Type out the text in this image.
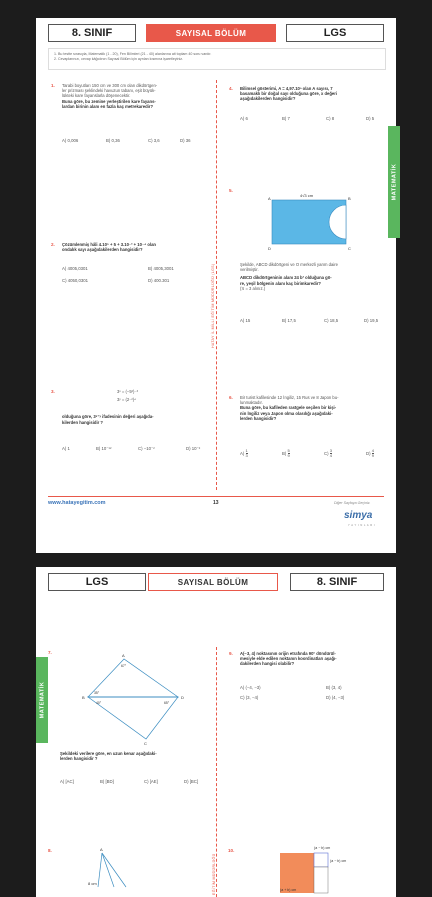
8. SINIF	SAYISAL BÖLÜM	LGS
1. Bu testte sırasıyla, Matematik (1 - 20), Fen Bilimleri (21 - 40) alanlarına ait toplam 40 soru vardır.
2. Cevaplarınızı, cevap kâğıdının Sayısal Bölüm için ayrılan kısmına işaretleyiniz.
HATAY İL MİLLİ EĞİTİM MÜDÜRLÜĞÜ (LGS)
MATEMATİK
1. Tarabi boyutları 150 cm ve 300 cm olan dikdörtgen-
ler prizması şeklindeki havuzun tabanı, eşit büyük-
lükteki kare fayanslarla döşenecektir.
Buna göre, bu zemine yerleştirilen kare fayans-
lardan birinin alanı en fazla kaç metrekaredir?
A) 0,006	B) 0,36	C) 3,6	D) 36
2. Çözümlenmiş hâli 4.10⁵ + 5 + 3.10⁻² + 10⁻⁴ olan
ondalık sayı aşağıdakilerden hangisidir?
A) 4005,0301	B) 4005,3001
C) 4050,0301	D) 400.301
3.	3ˣ = (−5²)⁻³
3ʸ = (2⁻²)⁴
olduğuna göre, 3ˣ⁺ʸ ifadesinin değeri aşağıda-
kilerden hangisidir ?
A) 1	B) 10⁻¹²	C) −10⁻²	D) 10⁻²
4. Bilimsel gösterimi, A = 4,97.10ⁿ olan A sayısı, 7
basamaklı bir doğal sayı olduğuna göre, x değeri
aşağıdakilerden hangisidir?
A) 6	B) 7	C) 8	D) 5
5.
A	B
C
D
4√3 cm
Şekilde, ABCD dikdörtgeni ve O merkezli yarım daire
verilmiştir.
ABCD dikdörtgeninin alanı 24 b² olduğuna gö-
re, yeşil bölgenin alanı kaç birimkaredir?
(π = 3 alınız.)
A) 15	B) 17,5	C) 18,5	D) 19,5
6. Bir turist kafilesinde 12 İngiliz, 15 Rus ve 8 Japon bu-
lunmaktadır.
Buna göre, bu kafileden rastgele seçilen bir kişi-
nin İngiliz veya Japon olma olasılığı aşağıdaki-
lerden hangisidir?
$A) \frac{1}{3}$	$B) \frac{5}{9}$	$C) \frac{3}{4}$	$D) \frac{4}{9}$
www.hatayegitim.com	13	Diğer Sayfaya Geçiniz.
simya
Y A Y I N L A R I
LGS	SAYISAL BÖLÜM	8. SINIF
MATEMATİK
EĞİTİM MÜDÜRLÜĞÜ
7.
A
B
C
D
67°
35°
40°	65°
Şekildeki verilere göre, en uzun kenar aşağıdaki-
lerden hangisidir ?
A) [AC]	B) [BD]	C) [AE]	D) [BC]
9. A(−3, 4) noktasının orijin etrafında 90° döndürül-
mesiyle elde edilen noktanın koordinatları aşağı-
dakilerden hangisi olabilir?
A) (−4, −3)	B) (3, 4)
C) (3, −4)	D) (4, −3)
8.	A
8 cm
10.	(a − b) cm
(a − b) cm
(a + b) cm
